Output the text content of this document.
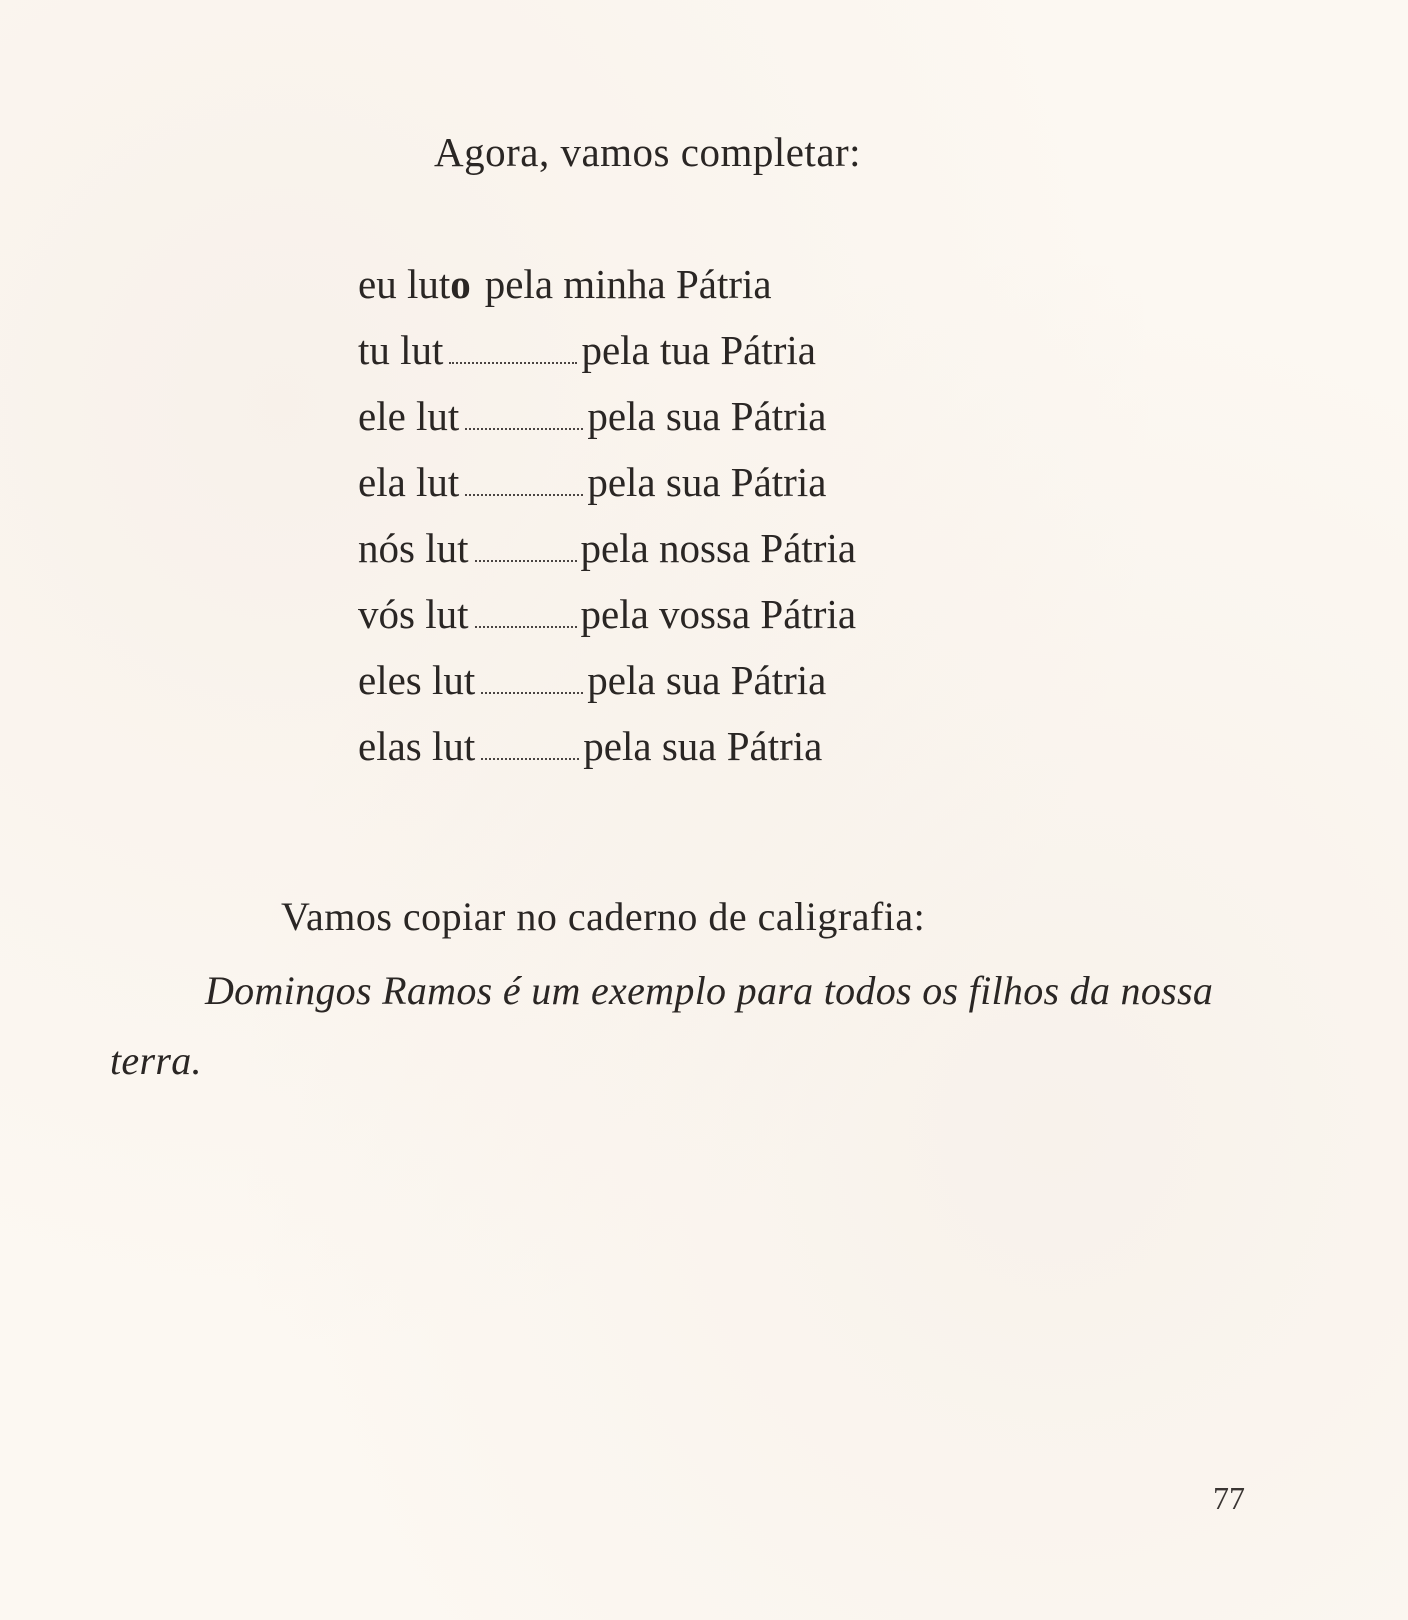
Agora, vamos completar:
eu luto pela minha Pátria
tu lut	pela tua Pátria
ele lut	pela sua Pátria
ela lut	pela sua Pátria
nós lut	pela nossa Pátria
vós lut	pela vossa Pátria
eles lut	pela sua Pátria
elas lut	pela sua Pátria
Vamos copiar no caderno de caligrafia:
Domingos Ramos é um exemplo para todos os filhos da nossa terra.
77
